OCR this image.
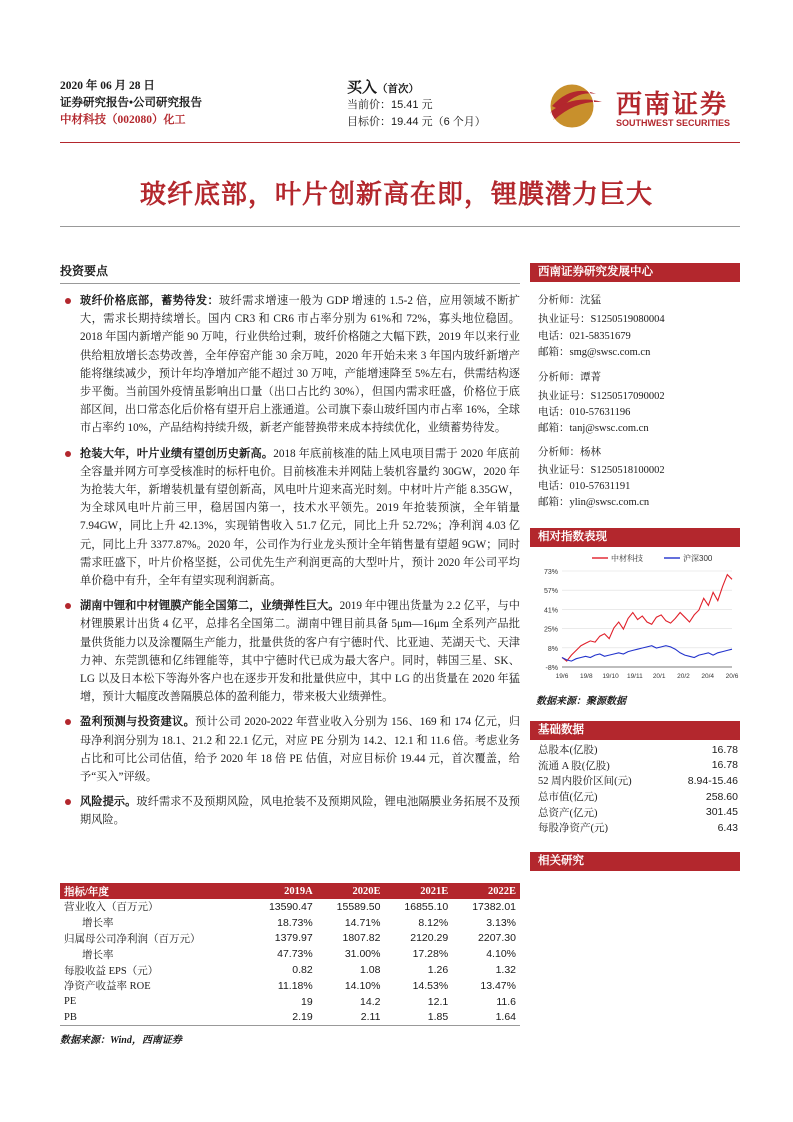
2020 年 06 月 28 日
证券研究报告•公司研究报告
中材科技（002080）化工
买入（首次）
当前价：15.41 元
目标价：19.44 元（6 个月）
西南证券
SOUTHWEST SECURITIES
玻纤底部，叶片创新高在即，锂膜潜力巨大
投资要点
玻纤价格底部，蓄势待发：玻纤需求增速一般为 GDP 增速的 1.5-2 倍，应用领域不断扩大，需求长期持续增长。国内 CR3 和 CR6 市占率分别为 61%和 72%，寡头地位稳固。2018 年国内新增产能 90 万吨，行业供给过剩，玻纤价格随之大幅下跌，2019 年以来行业供给粗放增长态势改善，全年停窑产能 30 余万吨，2020 年开始未来 3 年国内玻纤新增产能将继续减少，预计年均净增加产能不超过 30 万吨，产能增速降至 5%左右，供需结构逐步平衡。当前国外疫情虽影响出口量（出口占比约 30%），但国内需求旺盛，价格位于底部区间，出口常态化后价格有望开启上涨通道。公司旗下泰山玻纤国内市占率 16%，全球市占率约 10%，产品结构持续升级，新老产能替换带来成本持续优化，业绩蓄势待发。
抢装大年，叶片业绩有望创历史新高。2018 年底前核准的陆上风电项目需于 2020 年底前全容量并网方可享受核准时的标杆电价。目前核准未并网陆上装机容量约 30GW，2020 年为抢装大年，新增装机量有望创新高，风电叶片迎来高光时刻。中材叶片产能 8.35GW，为全球风电叶片前三甲，稳居国内第一，技术水平领先。2019 年抢装预演，全年销量 7.94GW，同比上升 42.13%，实现销售收入 51.7 亿元，同比上升 52.72%；净利润 4.03 亿元，同比上升 3377.87%。2020 年，公司作为行业龙头预计全年销售量有望超 9GW；同时需求旺盛下，叶片价格坚挺，公司优先生产利润更高的大型叶片，预计 2020 年公司平均单价稳中有升，全年有望实现利润新高。
湖南中锂和中材锂膜产能全国第二，业绩弹性巨大。2019 年中锂出货量为 2.2 亿平，与中材锂膜累计出货 4 亿平，总排名全国第二。湖南中锂目前具备 5μm—16μm 全系列产品批量供货能力以及涂覆隔生产能力，批量供货的客户有宁德时代、比亚迪、芜湖天弋、天津力神、东莞凯德和亿纬锂能等，其中宁德时代已成为最大客户。同时，韩国三星、SK、LG 以及日本松下等海外客户也在逐步开发和批量供应中，其中 LG 的出货量在 2020 年猛增，预计大幅度改善隔膜总体的盈利能力，带来极大业绩弹性。
盈利预测与投资建议。预计公司 2020-2022 年营业收入分别为 156、169 和 174 亿元，归母净利润分别为 18.1、21.2 和 22.1 亿元，对应 PE 分别为 14.2、12.1 和 11.6 倍。考虑业务占比和可比公司估值，给予 2020 年 18 倍 PE 估值，对应目标价 19.44 元，首次覆盖，给予“买入”评级。
风险提示。玻纤需求不及预期风险，风电抢装不及预期风险，锂电池隔膜业务拓展不及预期风险。
指标/年度	2019A	2020E	2021E	2022E
营业收入（百万元）	13590.47	15589.50	16855.10	17382.01
增长率	18.73%	14.71%	8.12%	3.13%
归属母公司净利润（百万元）	1379.97	1807.82	2120.29	2207.30
增长率	47.73%	31.00%	17.28%	4.10%
每股收益 EPS（元）	0.82	1.08	1.26	1.32
净资产收益率 ROE	11.18%	14.10%	14.53%	13.47%
PE	19	14.2	12.1	11.6
PB	2.19	2.11	1.85	1.64
数据来源：Wind，西南证券
西南证券研究发展中心
分析师：沈猛
执业证号：S1250519080004
电话：021-58351679
邮箱：smg@swsc.com.cn
分析师：谭菁
执业证号：S1250517090002
电话：010-57631196
邮箱：tanj@swsc.com.cn
分析师：杨林
执业证号：S1250518100002
电话：010-57631191
邮箱：ylin@swsc.com.cn
相对指数表现
73%
57%
41%
25%
8%
-8%
19/6 19/8 19/10 19/11 20/1 20/2 20/4 20/6
中材科技	沪深300
数据来源：聚源数据
基础数据
总股本(亿股)	16.78
流通 A 股(亿股)	16.78
52 周内股价区间(元)	8.94-15.46
总市值(亿元)	258.60
总资产(亿元)	301.45
每股净资产(元)	6.43
相关研究
